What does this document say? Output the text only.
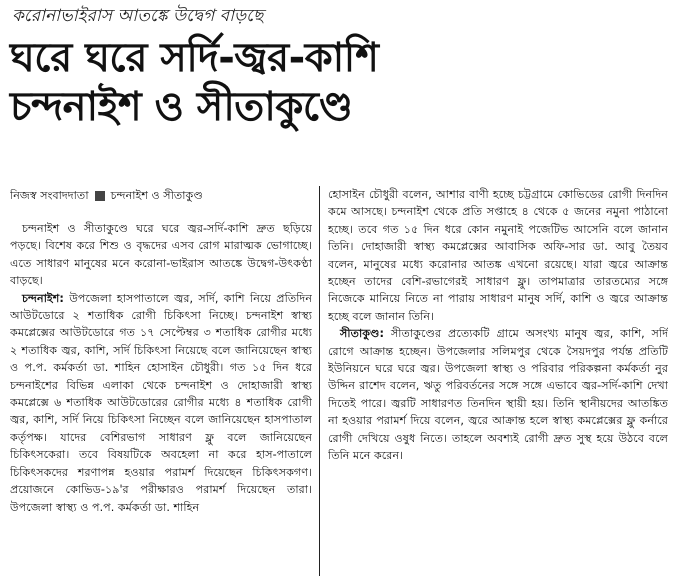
করোনাভাইরাস আতঙ্কে উদ্বেগ বাড়ছে
ঘরে ঘরে সর্দি-জ্বর-কাশি
চন্দনাইশ ও সীতাকুণ্ডে
নিজস্ব সংবাদদাতা চন্দনাইশ ও সীতাকুণ্ড

চন্দনাইশ ও সীতাকুণ্ডে ঘরে ঘরে জ্বর-সর্দি-কাশি দ্রুত ছড়িয়ে পড়ছে। বিশেষ করে শিশু ও বৃদ্ধদের এসব রোগ মারাত্মক ভোগাচ্ছে। এতে সাধারণ মানুষের মনে করোনা-ভাইরাস আতঙ্কে উদ্বেগ-উৎকণ্ঠা বাড়ছে।

চন্দনাইশ: উপজেলা হাসপাতালে জ্বর, সর্দি, কাশি নিয়ে প্রতিদিন আউটডোরে ২ শতাধিক রোগী চিকিৎসা নিচ্ছে। চন্দনাইশ স্বাস্থ্য কমপ্লেক্সের আউটডোরে গত ১৭ সেপ্টেম্বর ৩ শতাধিক রোগীর মধ্যে ২ শতাধিক জ্বর, কাশি, সর্দি চিকিৎসা নিয়েছে বলে জানিয়েছেন স্বাস্থ্য ও প.প. কর্মকর্তা ডা. শাহিন হোসাইন চৌধুরী। গত ১৫ দিন ধরে চন্দনাইশের বিভিন্ন এলাকা থেকে চন্দনাইশ ও দোহাজারী স্বাস্থ্য কমপ্লেক্সে ৬ শতাধিক আউটডোরের রোগীর মধ্যে ৪ শতাধিক রোগী জ্বর, কাশি, সর্দি নিয়ে চিকিৎসা নিচ্ছেন বলে জানিয়েছেন হাসপাতাল কর্তৃপক্ষ। যাদের বেশিরভাগ সাধারণ ফ্লু বলে জানিয়েছেন চিকিৎসকেরা। তবে বিষয়টিকে অবহেলা না করে হাস-পাতালে চিকিৎসকদের শরণাপন্ন হওয়ার পরামর্শ দিয়েছেন চিকিৎসকগণ। প্রয়োজনে কোভিড-১৯'র পরীক্ষারও পরামর্শ দিয়েছেন তারা। উপজেলা স্বাস্থ্য ও প.প. কর্মকর্তা ডা. শাহিন

হোসাইন চৌধুরী বলেন, আশার বাণী হচ্ছে চট্টগ্রামে কোভিডের রোগী দিনদিন কমে আসছে। চন্দনাইশ থেকে প্রতি সপ্তাহে ৪ থেকে ৫ জনের নমুনা পাঠানো হচ্ছে। তবে গত ১৫ দিন ধরে কোন নমুনাই পজেটিভ আসেনি বলে জানান তিনি। দোহাজারী স্বাস্থ্য কমপ্লেক্সের আবাসিক অফি-সার ডা. আবু তৈয়ব বলেন, মানুষের মধ্যে করোনার আতঙ্ক এখনো রয়েছে। যারা জ্বরে আক্রান্ত হচ্ছেন তাদের বেশি-রভাগেরই সাধারণ ফ্লু। তাপমাত্রার তারতম্যের সঙ্গে নিজেকে মানিয়ে নিতে না পারায় সাধারণ মানুষ সর্দি, কাশি ও জ্বরে আক্রান্ত হচ্ছে বলে জানান তিনি।

সীতাকুণ্ড: সীতাকুণ্ডের প্রত্যেকটি গ্রামে অসংখ্য মানুষ জ্বর, কাশি, সর্দি রোগে আক্রান্ত হচ্ছেন। উপজেলার সলিমপুর থেকে সৈয়দপুর পর্যন্ত প্রতিটি ইউনিয়নে ঘরে ঘরে জ্বর। উপজেলা স্বাস্থ্য ও পরিবার পরিকল্পনা কর্মকর্তা নুর উদ্দিন রাশেদ বলেন, ঋতু পরিবর্তনের সঙ্গে সঙ্গে এভাবে জ্বর-সর্দি-কাশি দেখা দিতেই পারে। জ্বরটি সাধারণত তিনদিন স্থায়ী হয়। তিনি স্থানীয়দের আতঙ্কিত না হওয়ার পরামর্শ দিয়ে বলেন, জ্বরে আক্রান্ত হলে স্বাস্থ্য কমপ্লেক্সের ফ্লু কর্নারে রোগী দেখিয়ে ওষুধ নিতে। তাহলে অবশ্যই রোগী দ্রুত সুস্থ হয়ে উঠবে বলে তিনি মনে করেন।
